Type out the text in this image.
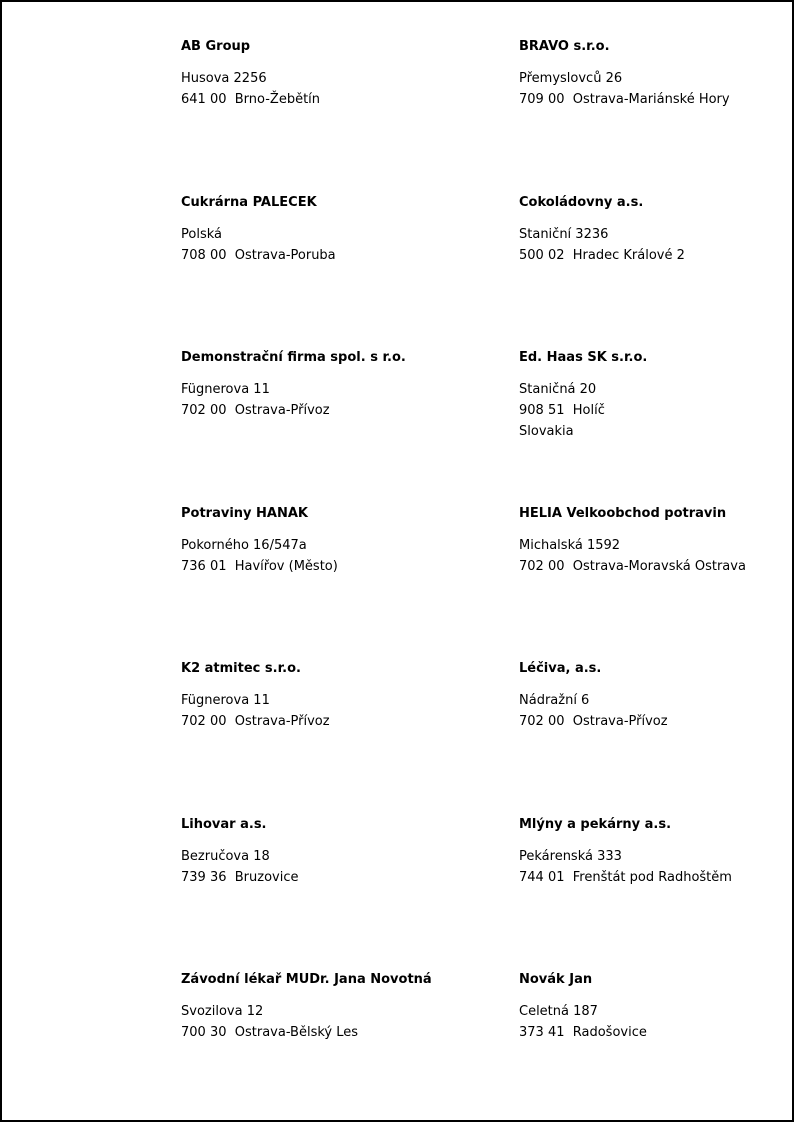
AB Group
Husova 2256
641 00  Brno-Žebětín
BRAVO s.r.o.
Přemyslovců 26
709 00  Ostrava-Mariánské Hory
Cukrárna PALEČEK
Polská
708 00  Ostrava-Poruba
Čokoládovny a.s.
Staniční 3236
500 02  Hradec Králové 2
Demonstrační firma spol. s r.o.
Fügnerova 11
702 00  Ostrava-Přívoz
Ed. Haas SK s.r.o.
Staničná 20
908 51  Holíč
Slovakia
Potraviny HANÁK
Pokorného 16/547a
736 01  Havířov (Město)
HELIA Velkoobchod potravin
Michalská 1592
702 00  Ostrava-Moravská Ostrava
K2 atmitec s.r.o.
Fügnerova 11
702 00  Ostrava-Přívoz
Léčiva, a.s.
Nádražní 6
702 00  Ostrava-Přívoz
Lihovar a.s.
Bezručova 18
739 36  Bruzovice
Mlýny a pekárny a.s.
Pekárenská 333
744 01  Frenštát pod Radhoštěm
Závodní lékař MUDr. Jana Novotná
Svozilova 12
700 30  Ostrava-Bělský Les
Novák Jan
Celetná 187
373 41  Radošovice
